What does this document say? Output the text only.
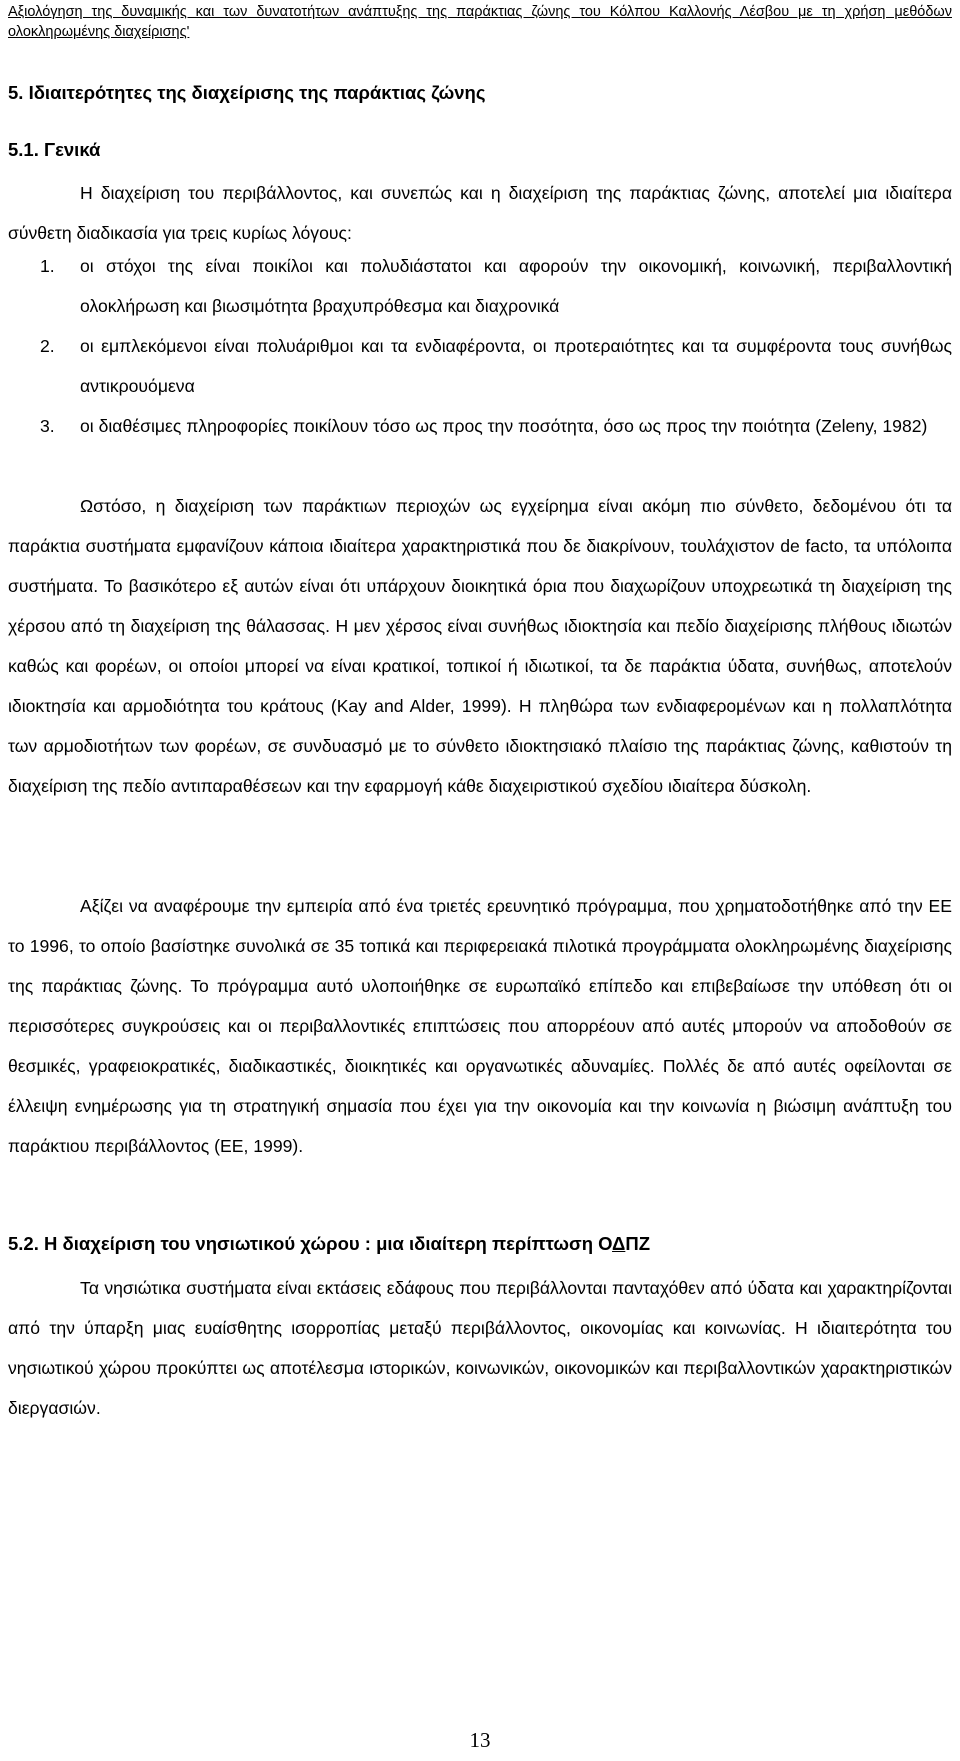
Αξιολόγηση της δυναμικής και των δυνατοτήτων ανάπτυξης της παράκτιας ζώνης του Κόλπου Καλλονής Λέσβου με τη χρήση μεθόδων ολοκληρωμένης διαχείρισης'
5. Ιδιαιτερότητες της διαχείρισης της παράκτιας ζώνης
5.1. Γενικά

Η διαχείριση του περιβάλλοντος, και συνεπώς και η διαχείριση της παράκτιας ζώνης, αποτελεί μια ιδιαίτερα σύνθετη διαδικασία για τρεις κυρίως λόγους:

1. οι στόχοι της είναι ποικίλοι και πολυδιάστατοι και αφορούν την οικονομική, κοινωνική, περιβαλλοντική ολοκλήρωση και βιωσιμότητα βραχυπρόθεσμα και διαχρονικά
2. οι εμπλεκόμενοι είναι πολυάριθμοι και τα ενδιαφέροντα, οι προτεραιότητες και τα συμφέροντα τους συνήθως αντικρουόμενα
3. οι διαθέσιμες πληροφορίες ποικίλουν τόσο ως προς την ποσότητα, όσο ως προς την ποιότητα (Zeleny, 1982)

Ωστόσο, η διαχείριση των παράκτιων περιοχών ως εγχείρημα είναι ακόμη πιο σύνθετο, δεδομένου ότι τα παράκτια συστήματα εμφανίζουν κάποια ιδιαίτερα χαρακτηριστικά που δε διακρίνουν, τουλάχιστον de facto, τα υπόλοιπα συστήματα. Το βασικότερο εξ αυτών είναι ότι υπάρχουν διοικητικά όρια που διαχωρίζουν υποχρεωτικά τη διαχείριση της χέρσου από τη διαχείριση της θάλασσας. Η μεν χέρσος είναι συνήθως ιδιοκτησία και πεδίο διαχείρισης πλήθους ιδιωτών καθώς και φορέων, οι οποίοι μπορεί να είναι κρατικοί, τοπικοί ή ιδιωτικοί, τα δε παράκτια ύδατα, συνήθως, αποτελούν ιδιοκτησία και αρμοδιότητα του κράτους (Kay and Alder, 1999). Η πληθώρα των ενδιαφερομένων και η πολλαπλότητα των αρμοδιοτήτων των φορέων, σε συνδυασμό με το σύνθετο ιδιοκτησιακό πλαίσιο της παράκτιας ζώνης, καθιστούν τη διαχείριση της πεδίο αντιπαραθέσεων και την εφαρμογή κάθε διαχειριστικού σχεδίου ιδιαίτερα δύσκολη.

Αξίζει να αναφέρουμε την εμπειρία από ένα τριετές ερευνητικό πρόγραμμα, που χρηματοδοτήθηκε από την ΕΕ το 1996, το οποίο βασίστηκε συνολικά σε 35 τοπικά και περιφερειακά πιλοτικά προγράμματα ολοκληρωμένης διαχείρισης της παράκτιας ζώνης. Το πρόγραμμα αυτό υλοποιήθηκε σε ευρωπαϊκό επίπεδο και επιβεβαίωσε την υπόθεση ότι οι περισσότερες συγκρούσεις και οι περιβαλλοντικές επιπτώσεις που απορρέουν από αυτές μπορούν να αποδοθούν σε θεσμικές, γραφειοκρατικές, διαδικαστικές, διοικητικές και οργανωτικές αδυναμίες. Πολλές δε από αυτές οφείλονται σε έλλειψη ενημέρωσης για τη στρατηγική σημασία που έχει για την οικονομία και την κοινωνία η βιώσιμη ανάπτυξη του παράκτιου περιβάλλοντος (ΕΕ, 1999).

5.2. Η διαχείριση του νησιωτικού χώρου : μια ιδιαίτερη περίπτωση ΟΔΠΖ

Τα νησιώτικα συστήματα είναι εκτάσεις εδάφους που περιβάλλονται πανταχόθεν από ύδατα και χαρακτηρίζονται από την ύπαρξη μιας ευαίσθητης ισορροπίας μεταξύ περιβάλλοντος, οικονομίας και κοινωνίας. Η ιδιαιτερότητα του νησιωτικού χώρου προκύπτει ως αποτέλεσμα ιστορικών, κοινωνικών, οικονομικών και περιβαλλοντικών χαρακτηριστικών διεργασιών.

13
